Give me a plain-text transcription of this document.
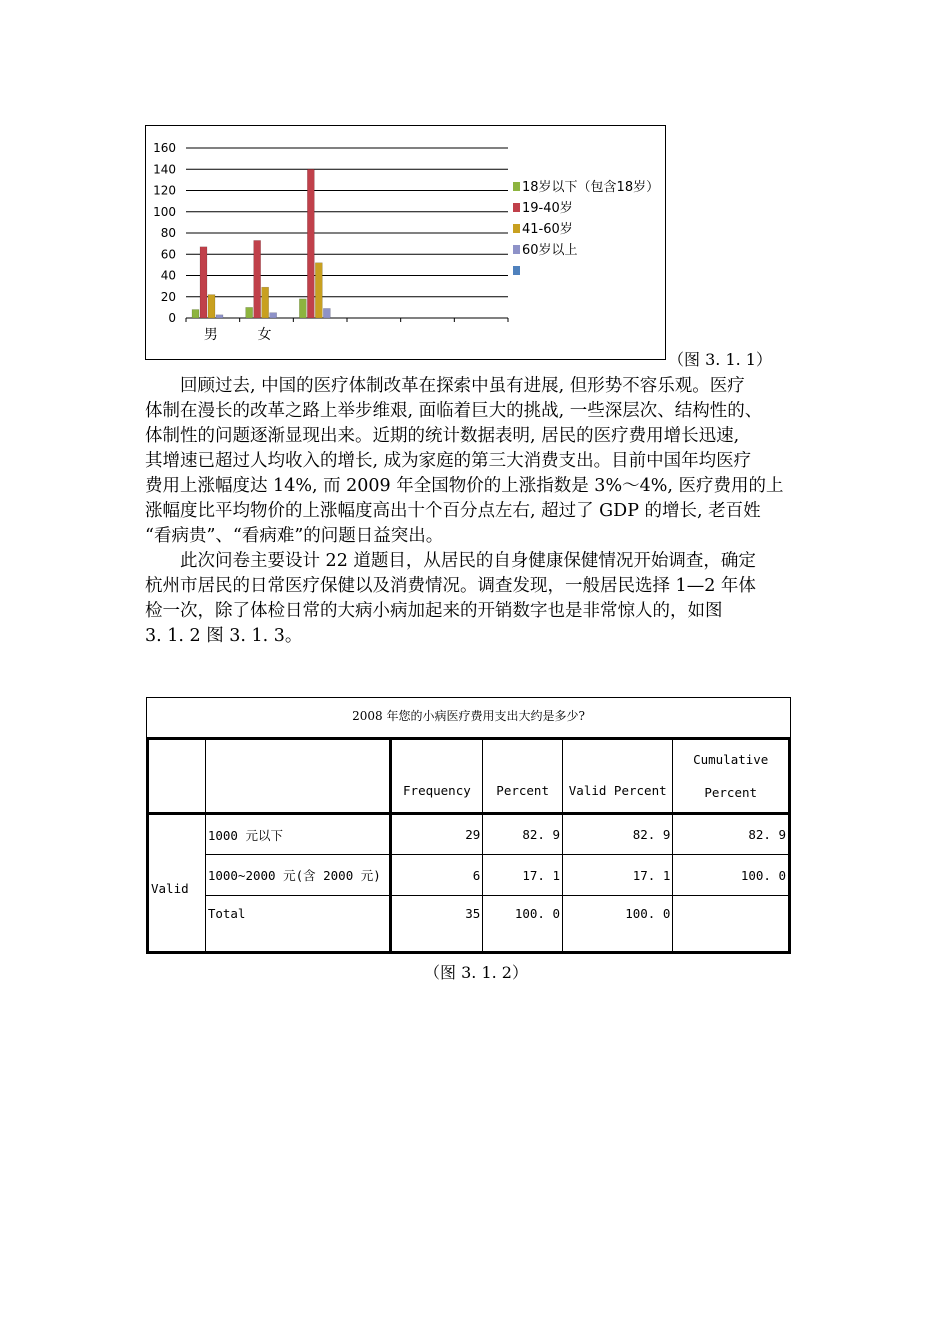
0
20
40
60
80
100
120
140
160
男	女
18岁以下（包含18岁）
19-40岁
41-60岁
60岁以上
（图 3. 1. 1）

回顾过去, 中国的医疗体制改革在探索中虽有进展, 但形势不容乐观。医疗
体制在漫长的改革之路上举步维艰, 面临着巨大的挑战, 一些深层次、结构性的、
体制性的问题逐渐显现出来。近期的统计数据表明, 居民的医疗费用增长迅速,
其增速已超过人均收入的增长, 成为家庭的第三大消费支出。目前中国年均医疗
费用上涨幅度达 14%, 而 2009 年全国物价的上涨指数是 3%～4%, 医疗费用的上
涨幅度比平均物价的上涨幅度高出十个百分点左右, 超过了 GDP 的增长, 老百姓
“看病贵”、“看病难”的问题日益突出。

此次问卷主要设计 22 道题目，从居民的自身健康保健情况开始调查，确定
杭州市居民的日常医疗保健以及消费情况。调查发现，一般居民选择 1—2 年体
检一次，除了体检日常的大病小病加起来的开销数字也是非常惊人的，如图
3. 1. 2 图 3. 1. 3。

2008 年您的小病医疗费用支出大约是多少?
		Frequency	Percent	Valid Percent	Cumulative
Percent

Valid	1000 元以下	29	82. 9	82. 9	82. 9
	1000~2000 元(含 2000 元)	6	17. 1	17. 1	100. 0
	Total	35	100. 0	100. 0	
（图 3. 1. 2）
